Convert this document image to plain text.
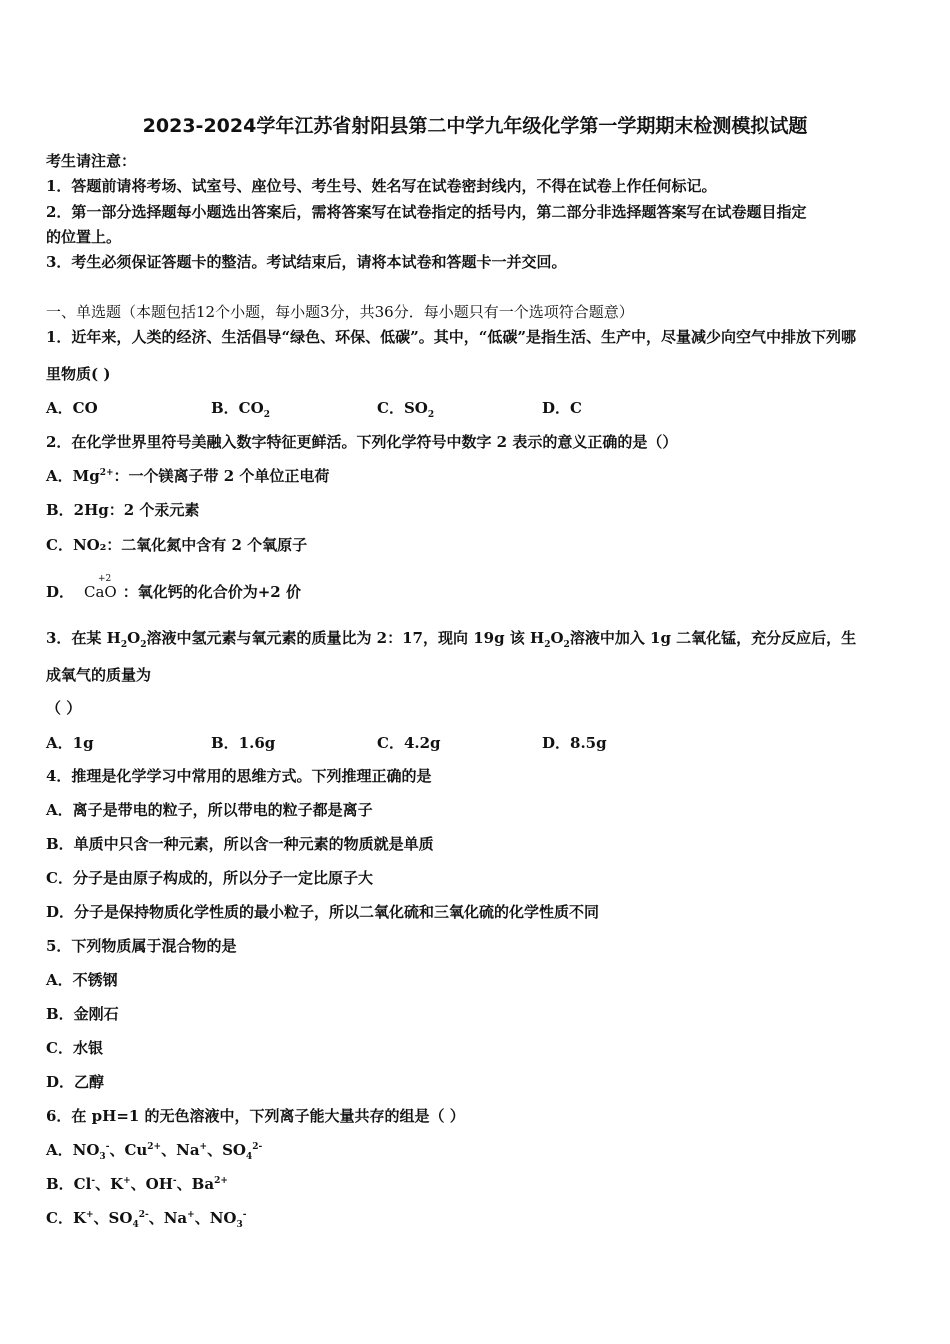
2023-2024学年江苏省射阳县第二中学九年级化学第一学期期末检测模拟试题
考生请注意：
1．答题前请将考场、试室号、座位号、考生号、姓名写在试卷密封线内，不得在试卷上作任何标记。
2．第一部分选择题每小题选出答案后，需将答案写在试卷指定的括号内，第二部分非选择题答案写在试卷题目指定
的位置上。
3．考生必须保证答题卡的整洁。考试结束后，请将本试卷和答题卡一并交回。
一、单选题（本题包括12个小题，每小题3分，共36分．每小题只有一个选项符合题意）
1．近年来，人类的经济、生活倡导“绿色、环保、低碳”。其中，“低碳”是指生活、生产中，尽量减少向空气中排放下列哪
里物质( )
A．CO	B．$CO_2$	C．$SO_2$	D．C
2．在化学世界里符号美融入数字特征更鲜活。下列化学符号中数字 2 表示的意义正确的是（）
A．$Mg^{2+}$：一个镁离子带 2 个单位正电荷
B．2Hg：2 个汞元素
C．NO₂：二氧化氮中含有 2 个氧原子
D．
+2
CaO ：氧化钙的化合价为+2 价
3．在某 $H_2O_2$溶液中氢元素与氧元素的质量比为 2：17，现向 19g 该 $H_2O_2$溶液中加入 1g 二氧化锰，充分反应后，生
成氧气的质量为
（ ）
A．1g	B．1.6g	C．4.2g	D．8.5g
4．推理是化学学习中常用的思维方式。下列推理正确的是
A．离子是带电的粒子，所以带电的粒子都是离子
B．单质中只含一种元素，所以含一种元素的物质就是单质
C．分子是由原子构成的，所以分子一定比原子大
D．分子是保持物质化学性质的最小粒子，所以二氧化硫和三氧化硫的化学性质不同
5．下列物质属于混合物的是
A．不锈钢
B．金刚石
C．水银
D．乙醇
6．在 pH=1 的无色溶液中，下列离子能大量共存的组是（ ）
A．$NO_3^-$、$Cu^{2+}$、Na+、$SO_4^{2-}$
B．Cl-、K+、OH-、$Ba^{2+}$
C．K+、$SO_4^{2-}$、Na+、$NO_3^-$
